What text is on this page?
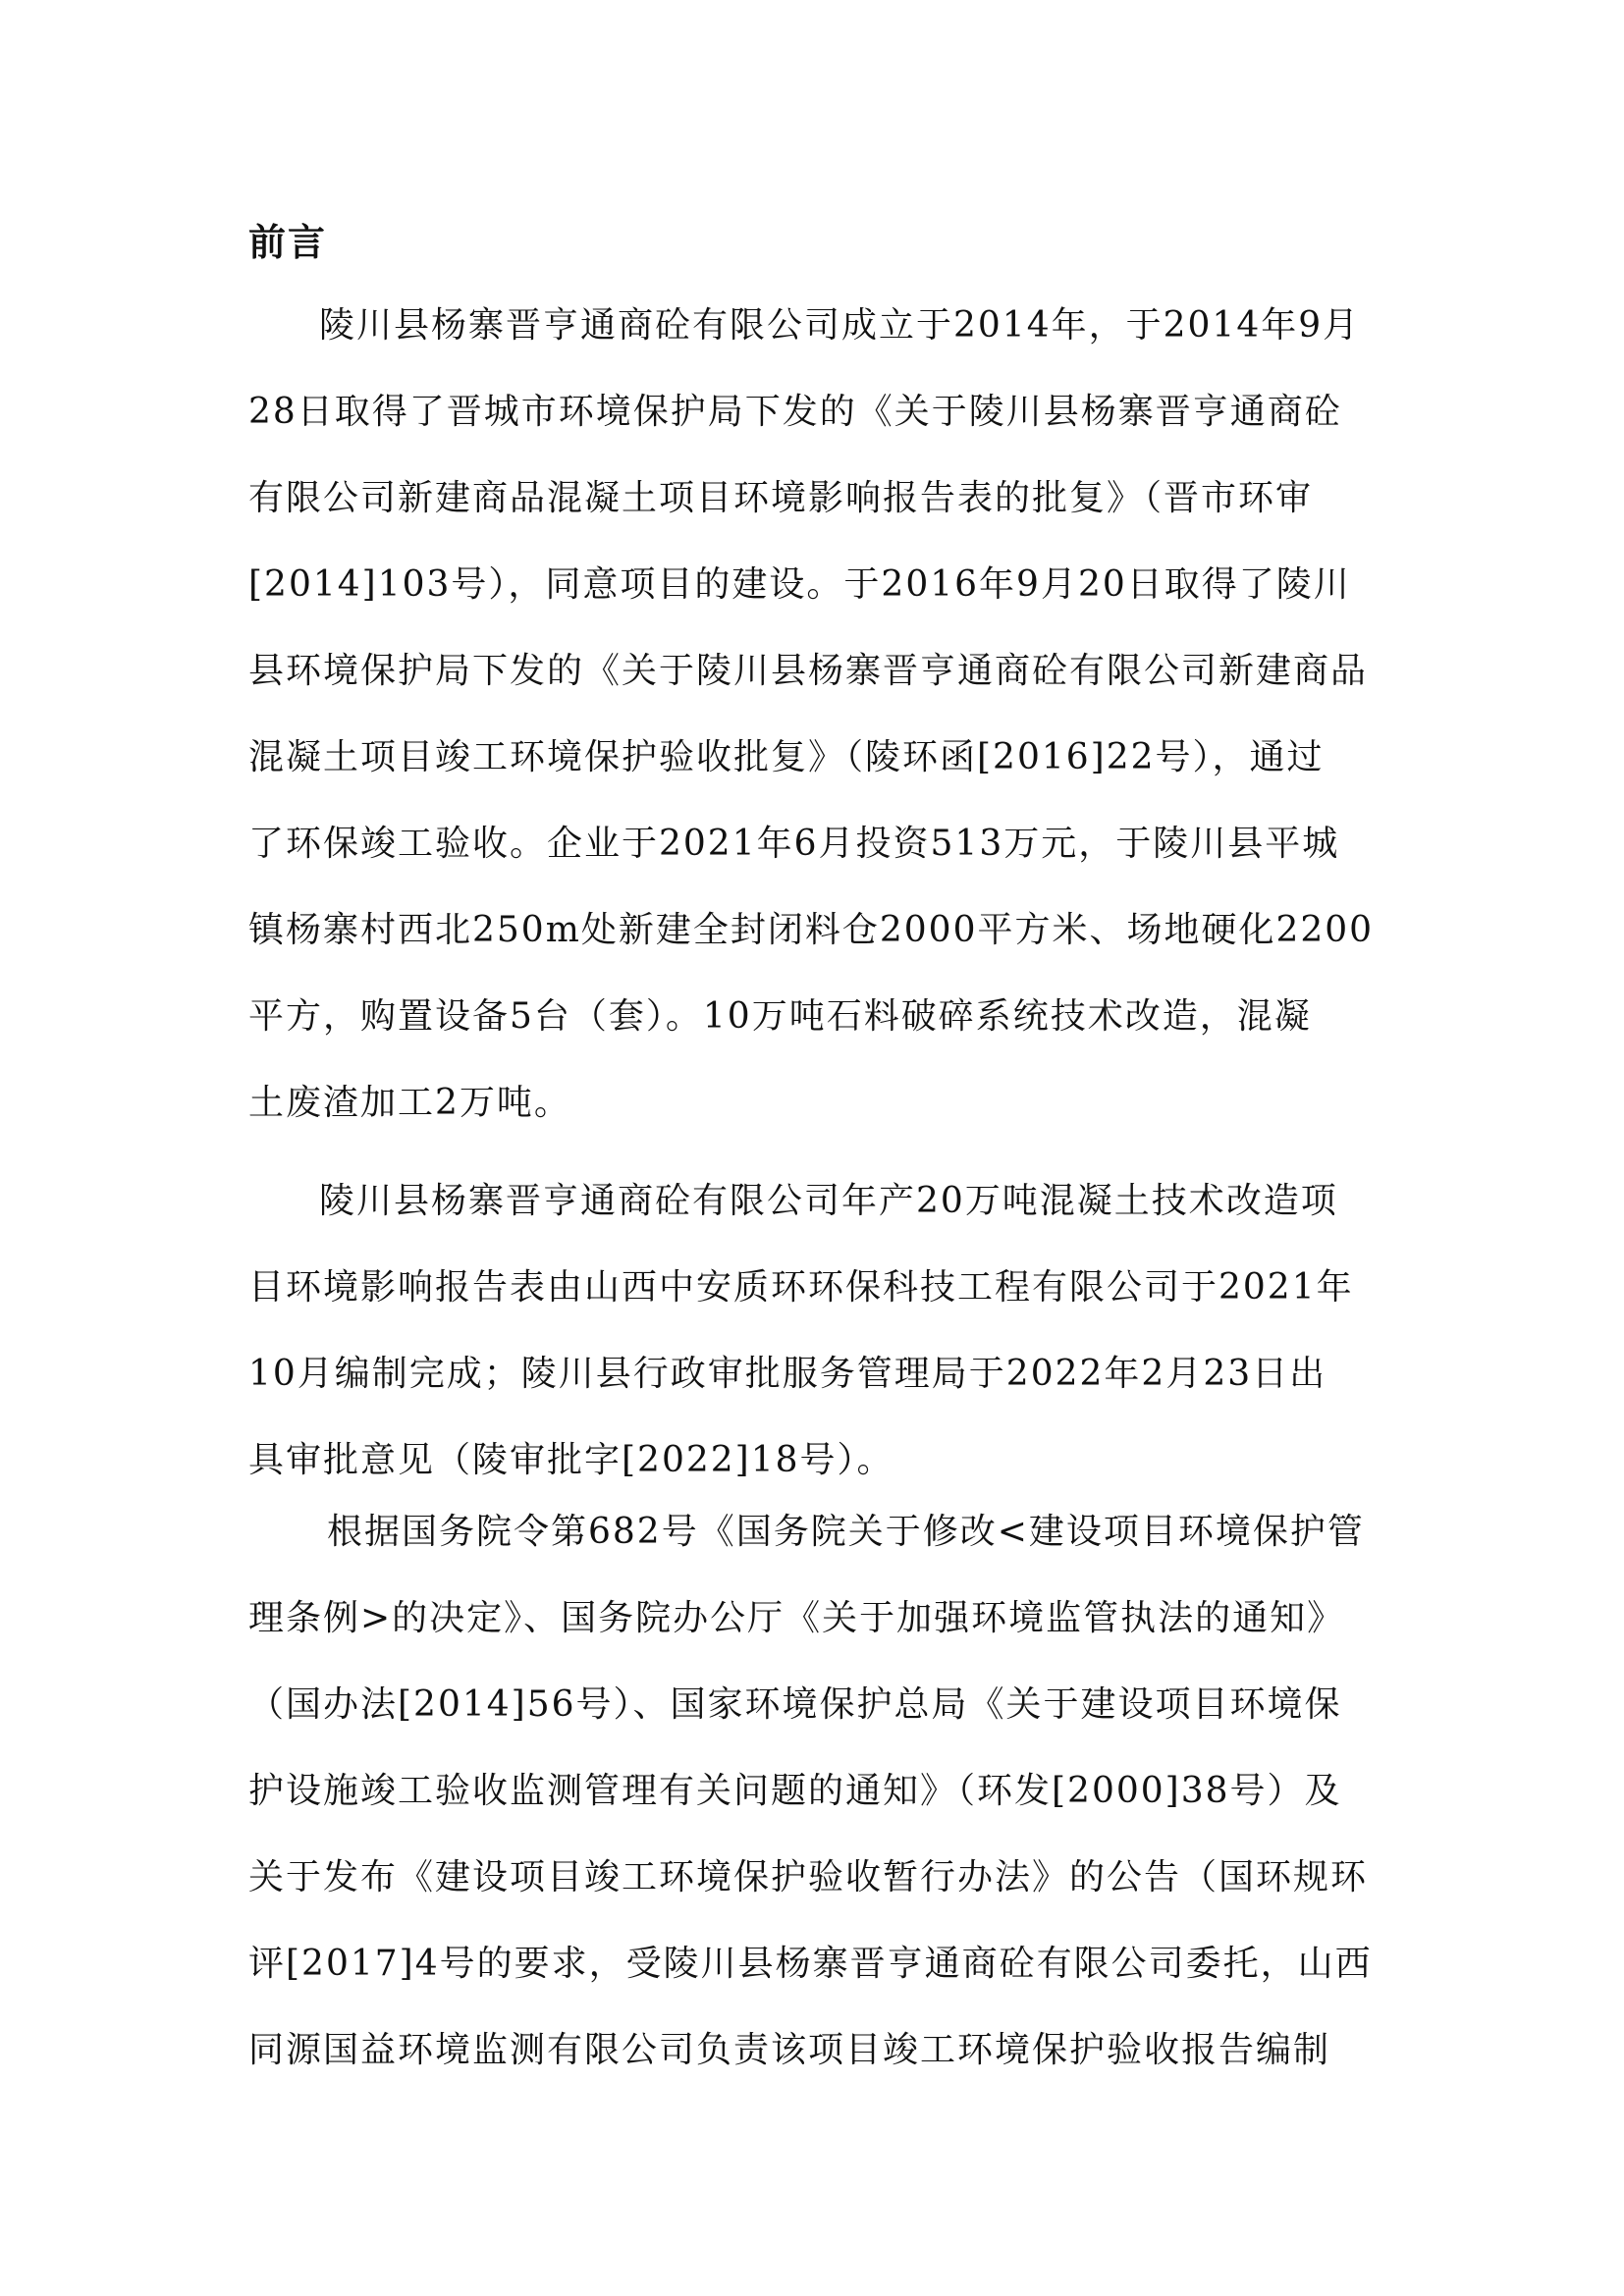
前言
陵川县杨寨晋亨通商砼有限公司成立于2014年，于2014年9月
28日取得了晋城市环境保护局下发的《关于陵川县杨寨晋亨通商砼
有限公司新建商品混凝土项目环境影响报告表的批复》（晋市环审
[2014]103号），同意项目的建设。于2016年9月20日取得了陵川
县环境保护局下发的《关于陵川县杨寨晋亨通商砼有限公司新建商品
混凝土项目竣工环境保护验收批复》（陵环函[2016]22号），通过
了环保竣工验收。企业于2021年6月投资513万元，于陵川县平城
镇杨寨村西北250m处新建全封闭料仓2000平方米、场地硬化2200
平方，购置设备5台（套）。10万吨石料破碎系统技术改造，混凝
土废渣加工2万吨。
陵川县杨寨晋亨通商砼有限公司年产20万吨混凝土技术改造项
目环境影响报告表由山西中安质环环保科技工程有限公司于2021年
10月编制完成；陵川县行政审批服务管理局于2022年2月23日出
具审批意见（陵审批字[2022]18号）。
根据国务院令第682号《国务院关于修改<建设项目环境保护管
理条例>的决定》、国务院办公厅《关于加强环境监管执法的通知》
（国办法[2014]56号）、国家环境保护总局《关于建设项目环境保
护设施竣工验收监测管理有关问题的通知》（环发[2000]38号）及
关于发布《建设项目竣工环境保护验收暂行办法》的公告（国环规环
评[2017]4号的要求，受陵川县杨寨晋亨通商砼有限公司委托，山西
同源国益环境监测有限公司负责该项目竣工环境保护验收报告编制
